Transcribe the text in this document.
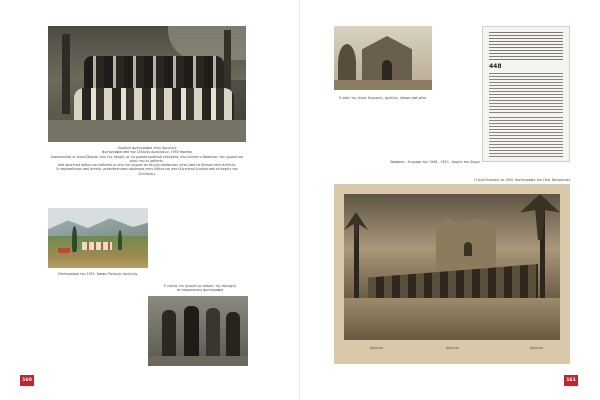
Ομαδική φωτογραφία νέων Αμυκλών
Φωτογραφία από τον Σύλλογο Αμυκλαίων, 1955 περίπου
Διακρίνονται οι εικονιζόμενοι νέοι της εποχής με τα χαρακτηριστικά ενδύματα, στο κέντρο ο δάσκαλος του χωριού και γύρω του οι μαθητές.
Από αριστερά όρθιοι και καθιστοί οι νέοι του χωριού σε στιγμή ανάπαυλας κάτω από τα δέντρα στην πλατεία.
Οι περισσότεροι από αυτούς μετανάστευσαν αργότερα στην Αθήνα και στο εξωτερικό (εικόνα από το αρχείο του Συλλόγου).
Υδατογραφία του 1931. Άποψη Παλαιών Αμυκλών.
Ο ιερέας του χωριού με άνδρες της περιοχής
σε αναμνηστική φωτογραφία
160
Ο ναός της Αγίας Κυριακής, Αμύκλες, άποψη από νότο.
448
Απόφαση - έγγραφο του 1948 - 1950 - Αρχείο του δήμου
Η Αγία Κυριακή το 1900. Φωτογραφία του Fred. Boissonnas
Αμύκλαι	Αμύκλαι	Αμύκλαι
161
